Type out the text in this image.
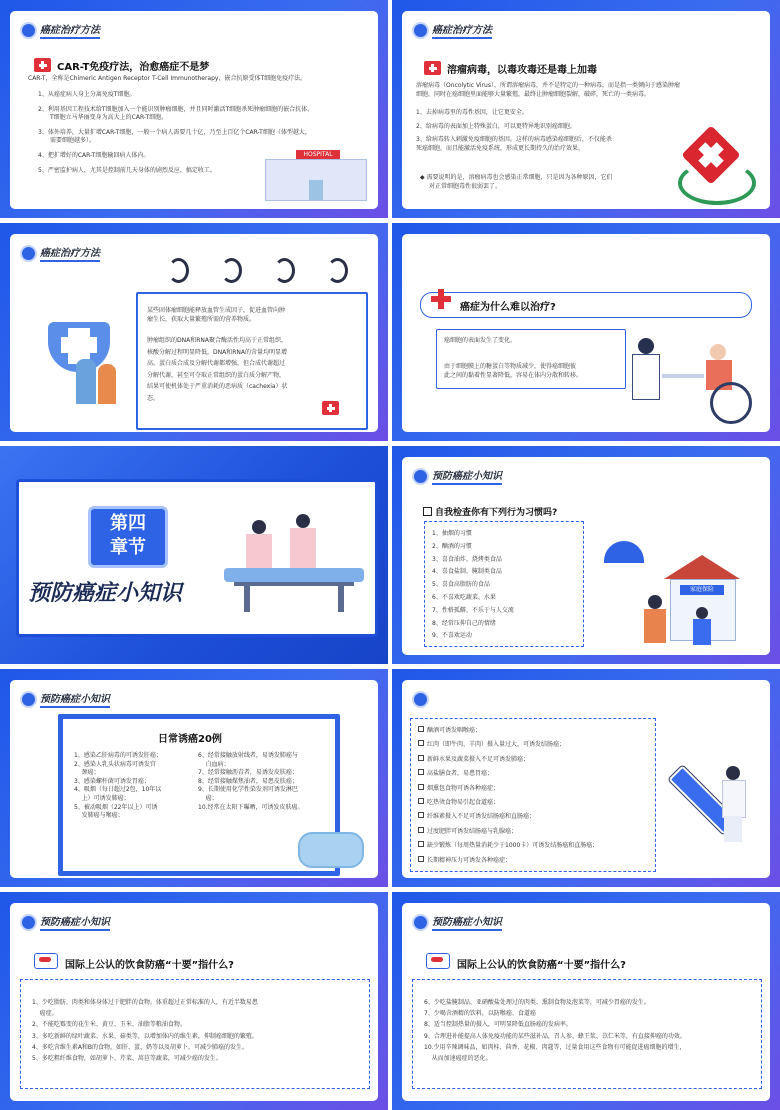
癌症治疗方法
CAR-T免疫疗法，治愈癌症不是梦
CAR-T，全称是Chimeric Antigen Receptor T-Cell Immunotherapy，嵌合抗原受体T细胞免疫疗法。
1、从癌症病人身上分离免疫T细胞。
2、利用基因工程技术给T细胞加入一个能识别肿瘤细胞，并且同时激活T细胞杀死肿瘤细胞的嵌合抗体，
T细胞立马华丽变身为高大上的CAR-T细胞。
3、体外培养，大量扩增CAR-T细胞，一般一个病人需要几十亿，乃至上百亿个CAR-T细胞（体型越大，
需要细胞越多）。
4、把扩增好的CAR-T细胞输回病人体内。
5、严密监护病人，尤其是控制前几天身体的剧烈反应，搞定收工。
HOSPITAL
癌症治疗方法
溶瘤病毒，以毒攻毒还是毒上加毒
溶瘤病毒（Oncolytic Virus），所谓溶瘤病毒，并不是特定的一种病毒，而是指一类倾向于感染肿瘤
细胞，同时在癌细胞里面能够大量繁殖，最终让肿瘤细胞裂解，破碎，死亡的一类病毒。
1、去掉病毒里的毒性基因，让它更安全。
2、给病毒的表面加上特殊蛋白，可以更特异地识别癌细胞。
3、给病毒转入刺激免疫细胞的基因。这样的病毒感染癌细胞后，不仅能杀
死癌细胞，而且能激活免疫系统，形成更长期持久的治疗效果。
◆ 需要说明的是，溶瘤病毒也会感染正常细胞，只是因为各种原因，它们
对正常细胞毒性很弱罢了。
癌症治疗方法
某些固体瘤细胞能释放血管生成因子，促进血管向肿
瘤生长，获取大量繁殖所需的营养物质。
肿瘤组织的DNA和RNA聚合酶活性均高于正常组织，
核酸分解过程明显降低，DNA和RNA的含量均明显增
高。蛋白质合成及分解代谢都增强，但合成代谢超过
分解代谢，甚至可夺取正常组织的蛋白质分解产物，
结果可使机体处于严重消耗的恶病质（cachexia）状
态。
癌症为什么难以治疗?
癌细胞的表面发生了变化。
由于细胞膜上的糖蛋白等物质减少，使得癌细胞彼
此之间的黏着性显著降低，容易在体内分散和转移。
第四
章节
预防癌症小知识
预防癌症小知识
自我检查你有下列行为习惯吗?
1、抽烟的习惯
2、酗酒的习惯
3、喜食油炸、烧烤类食品
4、喜食盐制、腌制类食品
5、喜食高脂肪的食品
6、不喜欢吃蔬菜、水果
7、性格孤僻、不乐于与人交流
8、经常压抑自己的情绪
9、不喜欢运动
家庭保险
预防癌症小知识
日常诱癌20例
1、感染乙肝病毒的可诱发肝癌；
2、感染人乳头状病毒可诱发宫
颈癌；
3、感染螺杆菌可诱发胃癌；
4、吸烟（每日超过2包，10年以
上）可诱发肺癌；
5、被动吸烟（22年以上）可诱
发肺癌与喉癌；
6、经常接触放射线者，易诱发肺癌与
白血病；
7、经常接触沥青者，易诱发皮肤癌；
8、经常接触煤焦油者，易患皮肤癌；
9、长期使用化学性染发剂可诱发淋巴
癌；
10.经常在太阳下曝晒，可诱发皮肤癌。
酗酒可诱发咽喉癌；
红肉（即牛肉、羊肉）摄入量过大，可诱发结肠癌；
新鲜水果及蔬菜摄入不足可诱发肺癌；
高盐膳食者，易患胃癌；
烟熏包食物可诱各种癌症；
吃热烫食物易引起食道癌；
纤维素摄入不足可诱发结肠癌和直肠癌；
过度肥胖可诱发结肠癌与乳腺癌；
缺少锻炼（每周热量消耗少于1000卡）可诱发结肠癌和直肠癌；
长期精神压力可诱发各种癌症；
预防癌症小知识
国际上公认的饮食防癌“十要”指什么?
1、少吃脂肪、肉类和体身体过于肥胖的食物。体重超过正常标准的人，有近半数易患
癌症。
2、不能吃霉变的花生米、黄豆、玉米、油脂等粮油食物。
3、多吃新鲜的绿叶蔬菜、水果、菇类等，以增加体内的维生素，抑制癌细胞的繁殖。
4、多吃含维生素A和B的食物，如肝、蛋、奶等以及胡萝卜，可减少肺癌的发生。
5、多吃粗纤维食物，如胡萝卜、芹菜、莴苣等蔬菜，可减少癌的发生。
预防癌症小知识
国际上公认的饮食防癌“十要”指什么?
6、少吃盐腌制品、亚硝酸盐处理过的肉类、熏制食物及泡菜等，可减少胃癌的发生。
7、少喝含酒精的饮料，以防喉癌、食道癌
8、适当控制热量的摄入，可明显降低直肠癌的发病率。
9、合理进补能提高人体免疫功能的某些滋补品，召人参、蜂王浆、苡仁米等，有直接抑癌的功效。
10.少用辛辣调味品，如肉桂、茴香、花椒、肉蔻等，过量食用这些食物有可能促进癌细胞的增生，
从而加速癌症的恶化。
